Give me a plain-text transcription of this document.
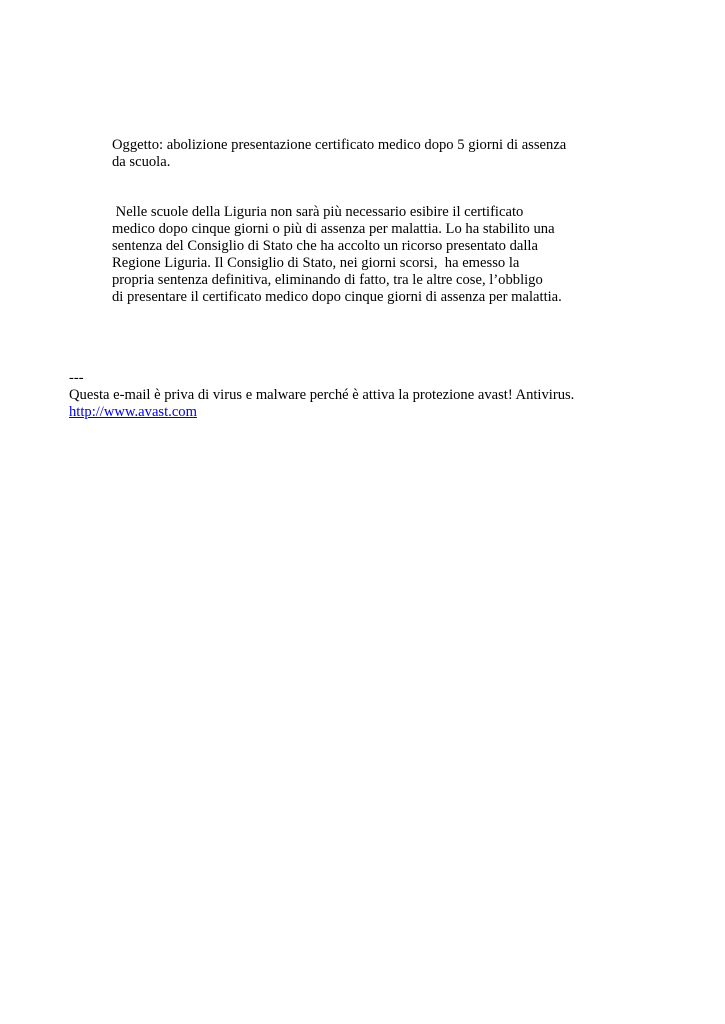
Oggetto: abolizione presentazione certificato medico dopo 5 giorni di assenza

da scuola.

Nelle scuole della Liguria non sarà più necessario esibire il certificato

medico dopo cinque giorni o più di assenza per malattia. Lo ha stabilito una

sentenza del Consiglio di Stato che ha accolto un ricorso presentato dalla

Regione Liguria. Il Consiglio di Stato, nei giorni scorsi,  ha emesso la

propria sentenza definitiva, eliminando di fatto, tra le altre cose, l’obbligo

di presentare il certificato medico dopo cinque giorni di assenza per malattia.

---

Questa e-mail è priva di virus e malware perché è attiva la protezione avast! Antivirus.

http://www.avast.com
